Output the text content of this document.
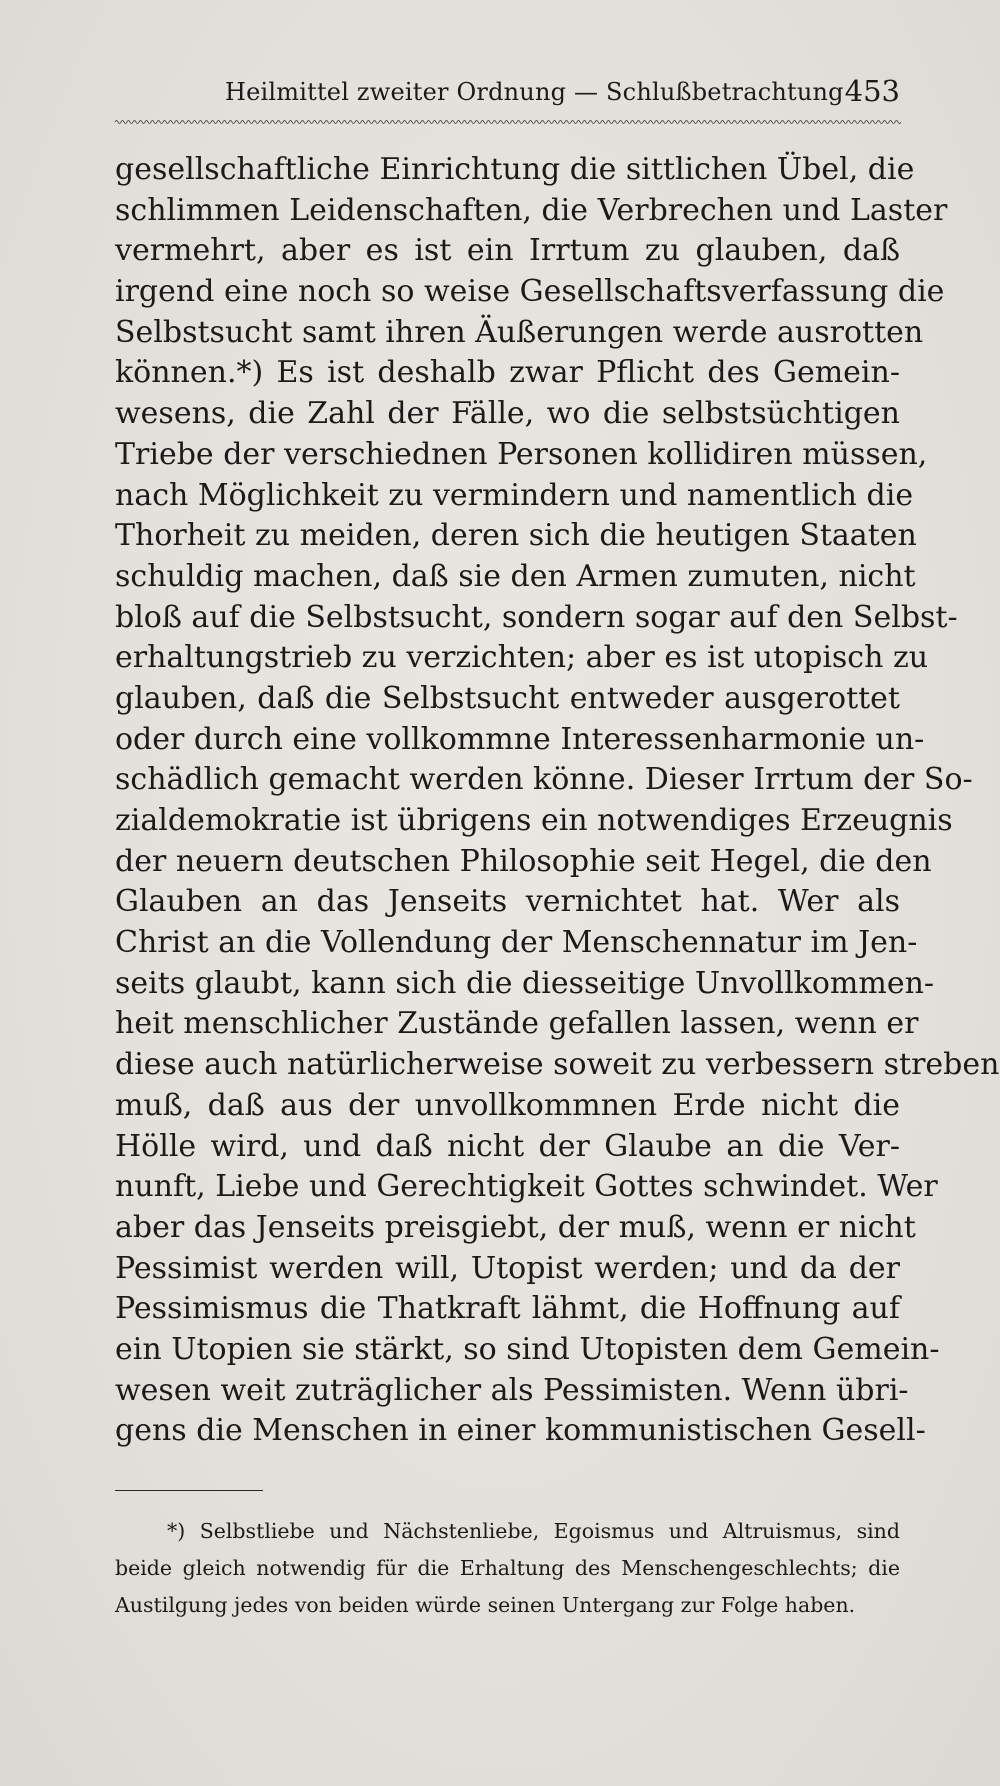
Heilmittel zweiter Ordnung — Schlußbetrachtung 453
gesellschaftliche Einrichtung die sittlichen Übel, die
schlimmen Leidenschaften, die Verbrechen und Laster
vermehrt, aber es ist ein Irrtum zu glauben, daß
irgend eine noch so weise Gesellschaftsverfassung die
Selbstsucht samt ihren Äußerungen werde ausrotten
können.*) Es ist deshalb zwar Pflicht des Gemein-
wesens, die Zahl der Fälle, wo die selbstsüchtigen
Triebe der verschiednen Personen kollidiren müssen,
nach Möglichkeit zu vermindern und namentlich die
Thorheit zu meiden, deren sich die heutigen Staaten
schuldig machen, daß sie den Armen zumuten, nicht
bloß auf die Selbstsucht, sondern sogar auf den Selbst-
erhaltungstrieb zu verzichten; aber es ist utopisch zu
glauben, daß die Selbstsucht entweder ausgerottet
oder durch eine vollkommne Interessenharmonie un-
schädlich gemacht werden könne. Dieser Irrtum der So-
zialdemokratie ist übrigens ein notwendiges Erzeugnis
der neuern deutschen Philosophie seit Hegel, die den
Glauben an das Jenseits vernichtet hat. Wer als
Christ an die Vollendung der Menschennatur im Jen-
seits glaubt, kann sich die diesseitige Unvollkommen-
heit menschlicher Zustände gefallen lassen, wenn er
diese auch natürlicherweise soweit zu verbessern streben
muß, daß aus der unvollkommnen Erde nicht die
Hölle wird, und daß nicht der Glaube an die Ver-
nunft, Liebe und Gerechtigkeit Gottes schwindet. Wer
aber das Jenseits preisgiebt, der muß, wenn er nicht
Pessimist werden will, Utopist werden; und da der
Pessimismus die Thatkraft lähmt, die Hoffnung auf
ein Utopien sie stärkt, so sind Utopisten dem Gemein-
wesen weit zuträglicher als Pessimisten. Wenn übri-
gens die Menschen in einer kommunistischen Gesell-
*) Selbstliebe und Nächstenliebe, Egoismus und Altruismus, sind
beide gleich notwendig für die Erhaltung des Menschengeschlechts; die
Austilgung jedes von beiden würde seinen Untergang zur Folge haben.
